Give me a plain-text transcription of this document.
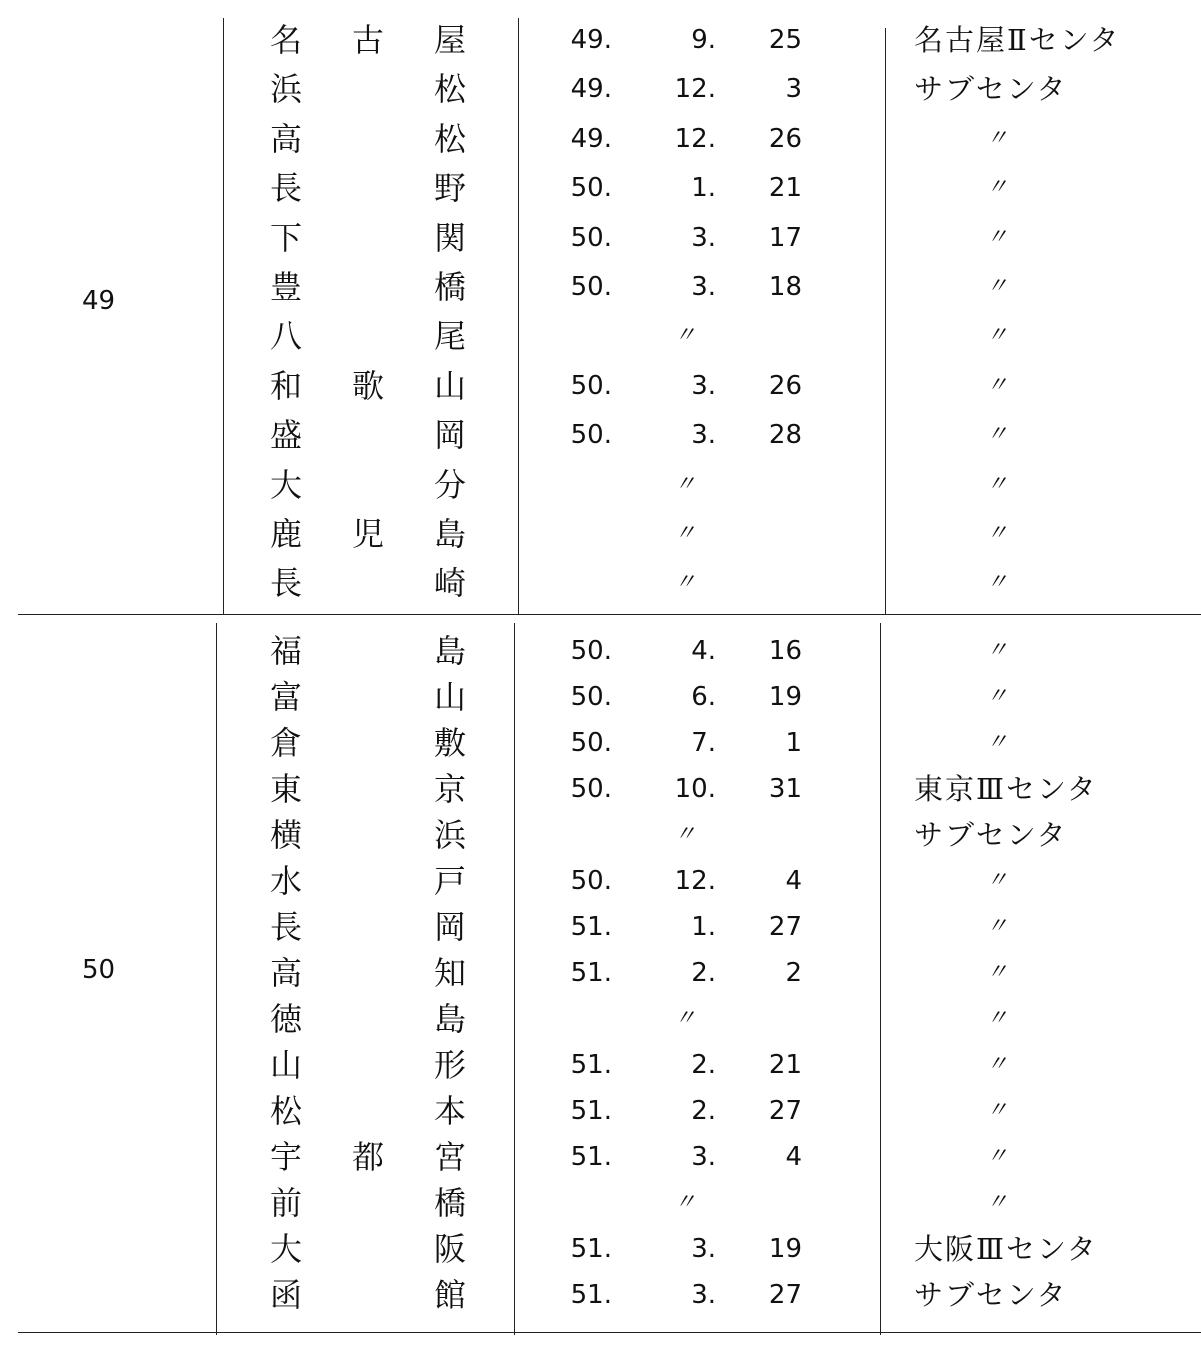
49
名 古 屋	49.	9.	25	名古屋Ⅱセンタ
浜	松	49.	12.	3	サブセンタ
高	松	49.	12.	26	〃
長	野	50.	1.	21	〃
下	関	50.	3.	17	〃
豊	橋	50.	3.	18	〃
八	尾	〃	〃
和 歌 山	50.	3.	26	〃
盛	岡	50.	3.	28	〃
大	分	〃	〃
鹿 児 島	〃	〃
長	崎	〃	〃
50
福	島	50.	4.	16	〃
富	山	50.	6.	19	〃
倉	敷	50.	7.	1	〃
東	京	50.	10.	31	東京Ⅲセンタ
横	浜	〃	サブセンタ
水	戸	50.	12.	4	〃
長	岡	51.	1.	27	〃
高	知	51.	2.	2	〃
徳	島	〃	〃
山	形	51.	2.	21	〃
松	本	51.	2.	27	〃
宇 都 宮	51.	3.	4	〃
前	橋	〃	〃
大	阪	51.	3.	19	大阪Ⅲセンタ
函	館	51.	3.	27	サブセンタ
